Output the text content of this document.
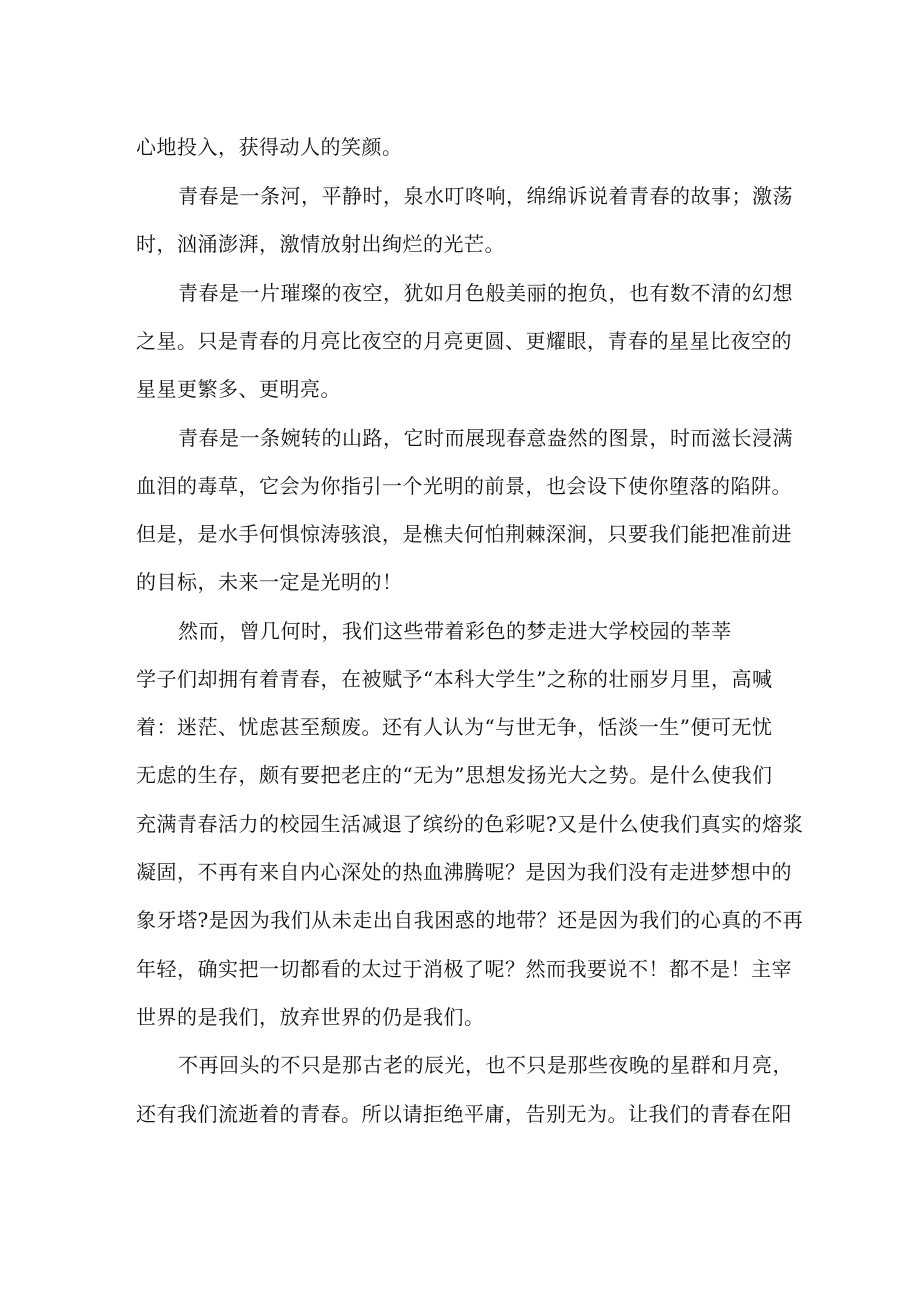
心地投入，获得动人的笑颜。
青春是一条河，平静时，泉水叮咚响，绵绵诉说着青春的故事；激荡
时，汹涌澎湃，激情放射出绚烂的光芒。
青春是一片璀璨的夜空，犹如月色般美丽的抱负，也有数不清的幻想
之星。只是青春的月亮比夜空的月亮更圆、更耀眼，青春的星星比夜空的
星星更繁多、更明亮。
青春是一条婉转的山路，它时而展现春意盎然的图景，时而滋长浸满
血泪的毒草，它会为你指引一个光明的前景，也会设下使你堕落的陷阱。
但是，是水手何惧惊涛骇浪，是樵夫何怕荆棘深涧，只要我们能把准前进
的目标，未来一定是光明的！
然而，曾几何时，我们这些带着彩色的梦走进大学校园的莘莘
学子们却拥有着青春，在被赋予“本科大学生”之称的壮丽岁月里，高喊
着：迷茫、忧虑甚至颓废。还有人认为“与世无争，恬淡一生”便可无忧
无虑的生存，颇有要把老庄的“无为”思想发扬光大之势。是什么使我们
充满青春活力的校园生活减退了缤纷的色彩呢?又是什么使我们真实的熔浆
凝固，不再有来自内心深处的热血沸腾呢？是因为我们没有走进梦想中的
象牙塔?是因为我们从未走出自我困惑的地带？还是因为我们的心真的不再
年轻，确实把一切都看的太过于消极了呢？然而我要说不！都不是！主宰
世界的是我们，放弃世界的仍是我们。
不再回头的不只是那古老的辰光，也不只是那些夜晚的星群和月亮，
还有我们流逝着的青春。所以请拒绝平庸，告别无为。让我们的青春在阳
